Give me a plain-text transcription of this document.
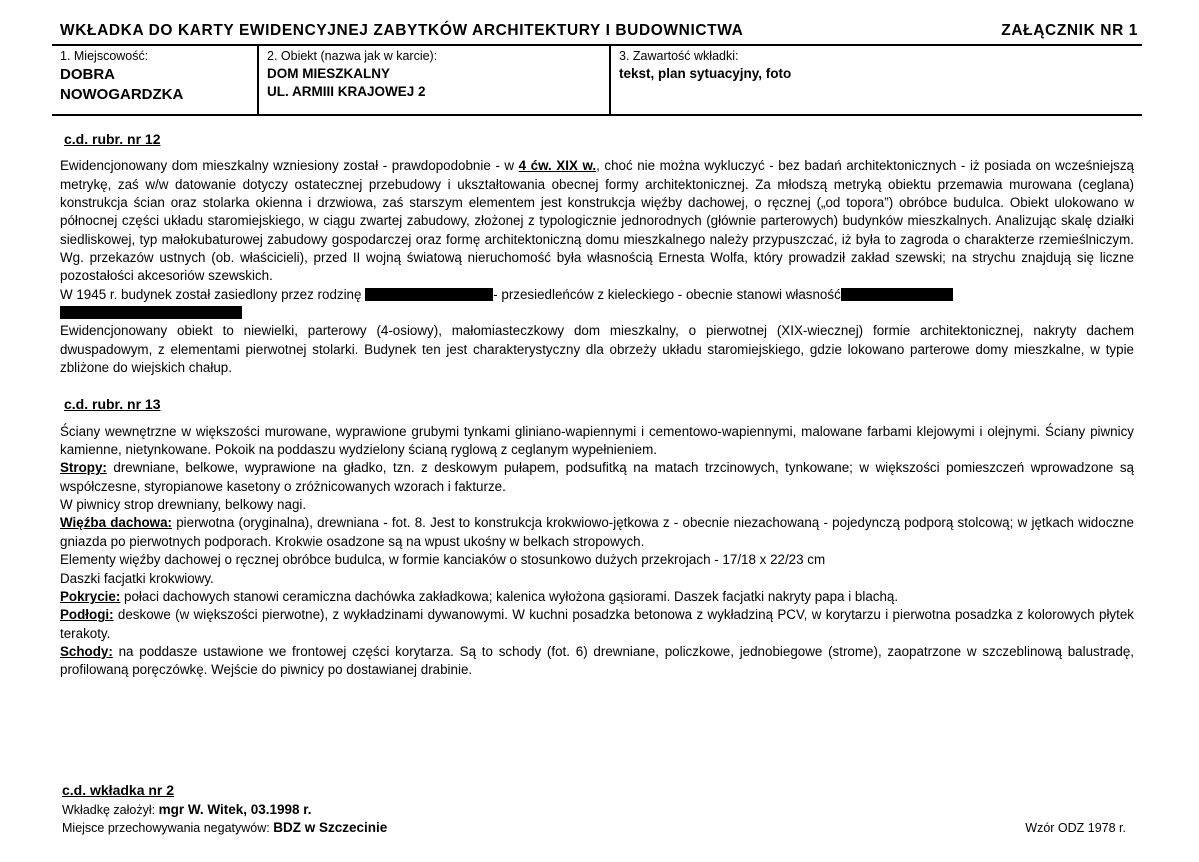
WKŁADKA DO KARTY EWIDENCYJNEJ ZABYTKÓW ARCHITEKTURY I BUDOWNICTWA	ZAŁĄCZNIK NR 1
1. Miejscowość:
DOBRA
NOWOGARDZKA
2. Obiekt (nazwa jak w karcie):
DOM MIESZKALNY
UL. ARMIII KRAJOWEJ 2
3. Zawartość wkładki:
tekst, plan sytuacyjny, foto
c.d. rubr. nr 12

Ewidencjonowany dom mieszkalny wzniesiony został - prawdopodobnie - w 4 ćw. XIX w., choć nie można wykluczyć - bez badań architektonicznych - iż posiada on wcześniejszą metrykę, zaś w/w datowanie dotyczy ostatecznej przebudowy i ukształtowania obecnej formy architektonicznej. Za młodszą metryką obiektu przemawia murowana (ceglana) konstrukcja ścian oraz stolarka okienna i drzwiowa, zaś starszym elementem jest konstrukcja więźby dachowej, o ręcznej („od topora”) obróbce budulca. Obiekt ulokowano w północnej części układu staromiejskiego, w ciągu zwartej zabudowy, złożonej z typologicznie jednorodnych (głównie parterowych) budynków mieszkalnych. Analizując skalę działki siedliskowej, typ małokubaturowej zabudowy gospodarczej oraz formę architektoniczną domu mieszkalnego należy przypuszczać, iż była to zagroda o charakterze rzemieślniczym. Wg. przekazów ustnych (ob. właścicieli), przed II wojną światową nieruchomość była własnością Ernesta Wolfa, który prowadził zakład szewski; na strychu znajdują się liczne pozostałości akcesoriów szewskich.

W 1945 r. budynek został zasiedlony przez rodzinę	- przesiedleńców z kieleckiego - obecnie stanowi własność

Ewidencjonowany obiekt to niewielki, parterowy (4-osiowy), małomiasteczkowy dom mieszkalny, o pierwotnej (XIX-wiecznej) formie architektonicznej, nakryty dachem dwuspadowym, z elementami pierwotnej stolarki. Budynek ten jest charakterystyczny dla obrzeży układu staromiejskiego, gdzie lokowano parterowe domy mieszkalne, w typie zbliżone do wiejskich chałup.

c.d. rubr. nr 13

Ściany wewnętrzne w większości murowane, wyprawione grubymi tynkami gliniano-wapiennymi i cementowo-wapiennymi, malowane farbami klejowymi i olejnymi. Ściany piwnicy kamienne, nietynkowane. Pokoik na poddaszu wydzielony ścianą ryglową z ceglanym wypełnieniem.

Stropy: drewniane, belkowe, wyprawione na gładko, tzn. z deskowym pułapem, podsufitką na matach trzcinowych, tynkowane; w większości pomieszczeń wprowadzone są współczesne, styropianowe kasetony o zróżnicowanych wzorach i fakturze.

W piwnicy strop drewniany, belkowy nagi.

Więźba dachowa: pierwotna (oryginalna), drewniana - fot. 8. Jest to konstrukcja krokwiowo-jętkowa z - obecnie niezachowaną - pojedynczą podporą stolcową; w jętkach widoczne gniazda po pierwotnych podporach. Krokwie osadzone są na wpust ukośny w belkach stropowych.

Elementy więźby dachowej o ręcznej obróbce budulca, w formie kanciaków o stosunkowo dużych przekrojach - 17/18 x 22/23 cm

Daszki facjatki krokwiowy.

Pokrycie: połaci dachowych stanowi ceramiczna dachówka zakładkowa; kalenica wyłożona gąsiorami. Daszek facjatki nakryty papa i blachą.

Podłogi: deskowe (w większości pierwotne), z wykładzinami dywanowymi. W kuchni posadzka betonowa z wykładziną PCV, w korytarzu i pierwotna posadzka z kolorowych płytek terakoty.

Schody: na poddasze ustawione we frontowej części korytarza. Są to schody (fot. 6) drewniane, policzkowe, jednobiegowe (strome), zaopatrzone w szczeblinową balustradę, profilowaną poręczówkę. Wejście do piwnicy po dostawianej drabinie.

c.d. wkładka nr 2
Wkładkę założył: mgr W. Witek, 03.1998 r.
Miejsce przechowywania negatywów: BDZ w Szczecinie	Wzór ODZ 1978 r.
